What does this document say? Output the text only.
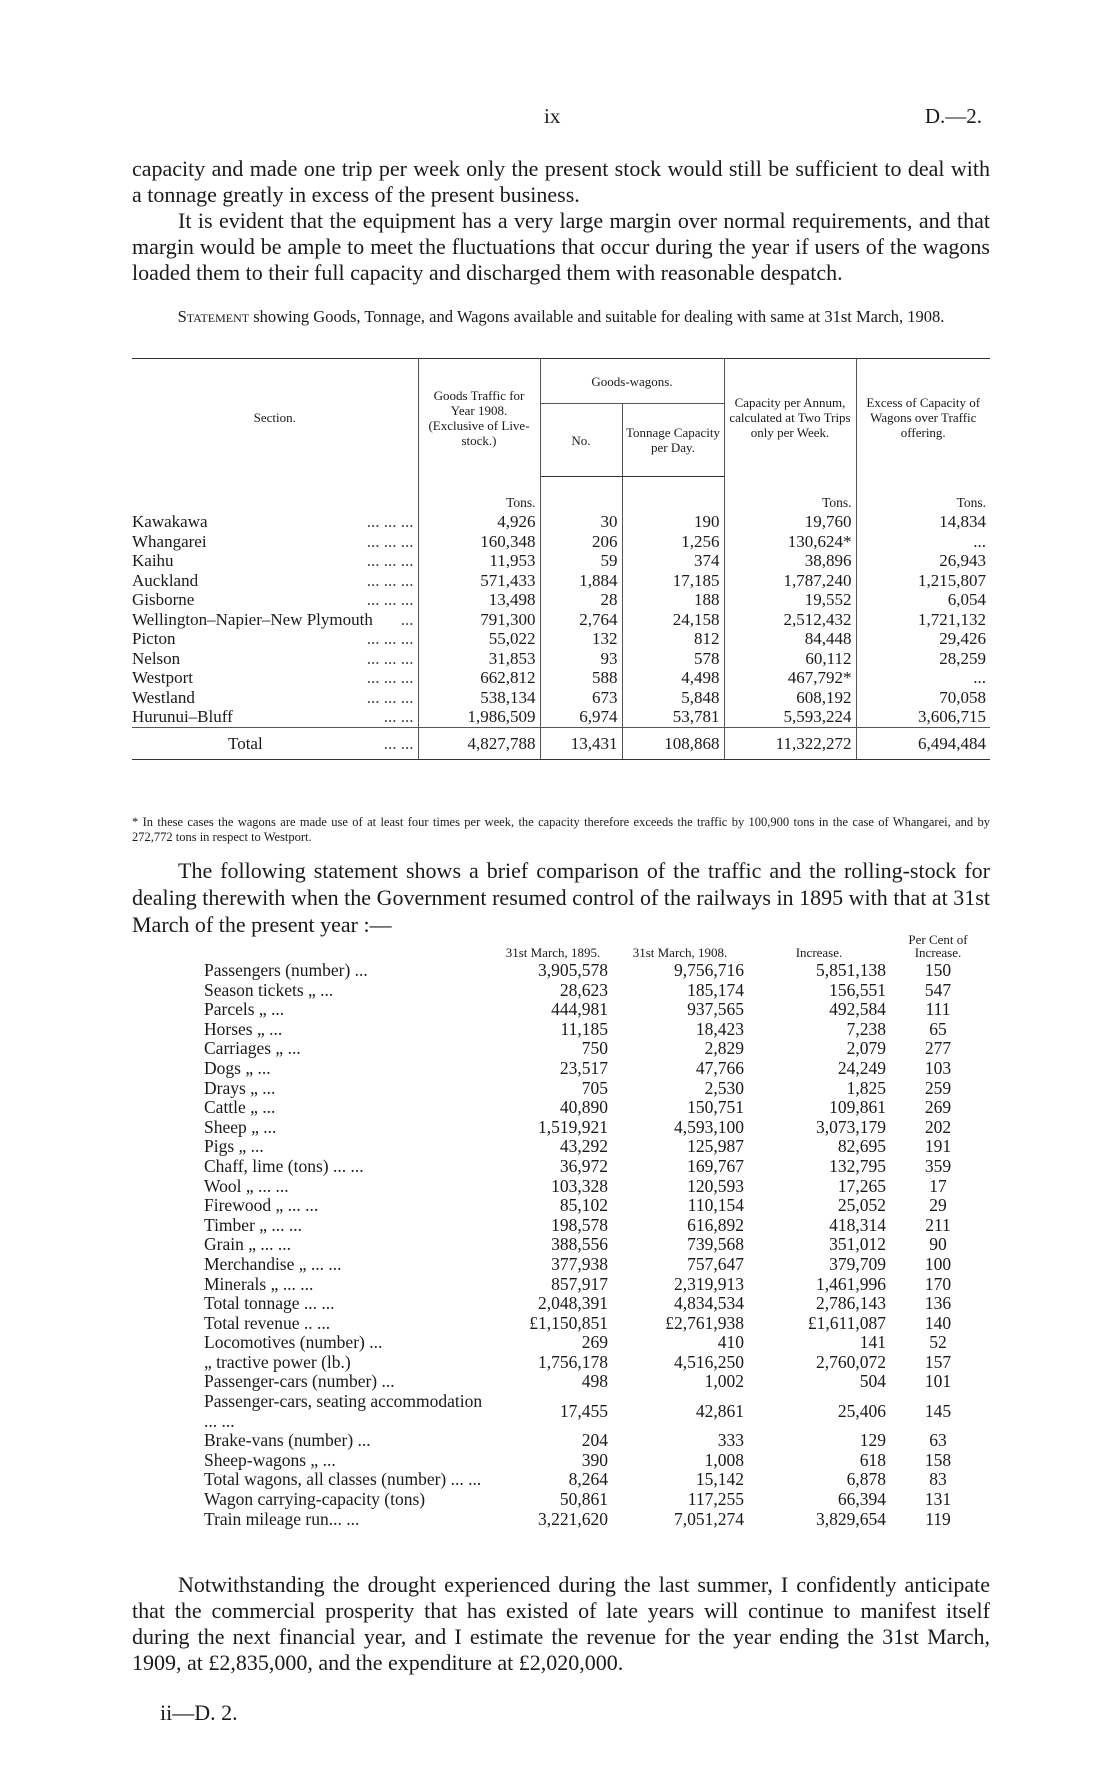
ix	D.—2.

capacity and made one trip per week only the present stock would still be sufficient to deal with a tonnage greatly in excess of the present business.

It is evident that the equipment has a very large margin over normal requirements, and that margin would be ample to meet the fluctuations that occur during the year if users of the wagons loaded them to their full capacity and discharged them with reasonable despatch.

Statement showing Goods, Tonnage, and Wagons available and suitable for dealing with same at 31st March, 1908.

Section.	Goods Traffic for Year 1908. (Exclusive of Live-stock.)	Goods-wagons.		Capacity per Annum, calculated at Two Trips only per Week.	Excess of Capacity of Wagons over Traffic offering.
		No.	Tonnage Capacity per Day.		
	Tons.			Tons.	Tons.
Kawakawa ... ... ...	4,926	30	190	19,760	14,834
Whangarei ... ... ...	160,348	206	1,256	130,624*	...
Kaihu ... ... ...	11,953	59	374	38,896	26,943
Auckland ... ... ...	571,433	1,884	17,185	1,787,240	1,215,807
Gisborne ... ... ...	13,498	28	188	19,552	6,054
Wellington–Napier–New Plymouth ...	791,300	2,764	24,158	2,512,432	1,721,132
Picton ... ... ...	55,022	132	812	84,448	29,426
Nelson ... ... ...	31,853	93	578	60,112	28,259
Westport ... ... ...	662,812	588	4,498	467,792*	...
Westland ... ... ...	538,134	673	5,848	608,192	70,058
Hurunui–Bluff ... ...	1,986,509	6,974	53,781	5,593,224	3,606,715
Total ... ...	4,827,788	13,431	108,868	11,322,272	6,494,484

* In these cases the wagons are made use of at least four times per week, the capacity therefore exceeds the traffic by 100,900 tons in the case of Whangarei, and by 272,772 tons in respect to Westport.

The following statement shows a brief comparison of the traffic and the rolling-stock for dealing therewith when the Government resumed control of the railways in 1895 with that at 31st March of the present year :—

	31st March, 1895.	31st March, 1908.	Increase.	Per Cent of Increase.
Passengers (number) ...	3,905,578	9,756,716	5,851,138	150
Season tickets „ ...	28,623	185,174	156,551	547
Parcels „ ...	444,981	937,565	492,584	111
Horses „ ...	11,185	18,423	7,238	65
Carriages „ ...	750	2,829	2,079	277
Dogs „ ...	23,517	47,766	24,249	103
Drays „ ...	705	2,530	1,825	259
Cattle „ ...	40,890	150,751	109,861	269
Sheep „ ...	1,519,921	4,593,100	3,073,179	202
Pigs „ ...	43,292	125,987	82,695	191
Chaff, lime (tons) ... ...	36,972	169,767	132,795	359
Wool „ ... ...	103,328	120,593	17,265	17
Firewood „ ... ...	85,102	110,154	25,052	29
Timber „ ... ...	198,578	616,892	418,314	211
Grain „ ... ...	388,556	739,568	351,012	90
Merchandise „ ... ...	377,938	757,647	379,709	100
Minerals „ ... ...	857,917	2,319,913	1,461,996	170
Total tonnage ... ...	2,048,391	4,834,534	2,786,143	136
Total revenue .. ...	£1,150,851	£2,761,938	£1,611,087	140
Locomotives (number) ...	269	410	141	52
„ tractive power (lb.)	1,756,178	4,516,250	2,760,072	157
Passenger-cars (number) ...	498	1,002	504	101
Passenger-cars, seating accommodation ... ...	17,455	42,861	25,406	145
Brake-vans (number) ...	204	333	129	63
Sheep-wagons „ ...	390	1,008	618	158
Total wagons, all classes (number) ... ...	8,264	15,142	6,878	83
Wagon carrying-capacity (tons)	50,861	117,255	66,394	131
Train mileage run... ...	3,221,620	7,051,274	3,829,654	119

Notwithstanding the drought experienced during the last summer, I confidently anticipate that the commercial prosperity that has existed of late years will continue to manifest itself during the next financial year, and I estimate the revenue for the year ending the 31st March, 1909, at £2,835,000, and the expenditure at £2,020,000.

ii—D. 2.
